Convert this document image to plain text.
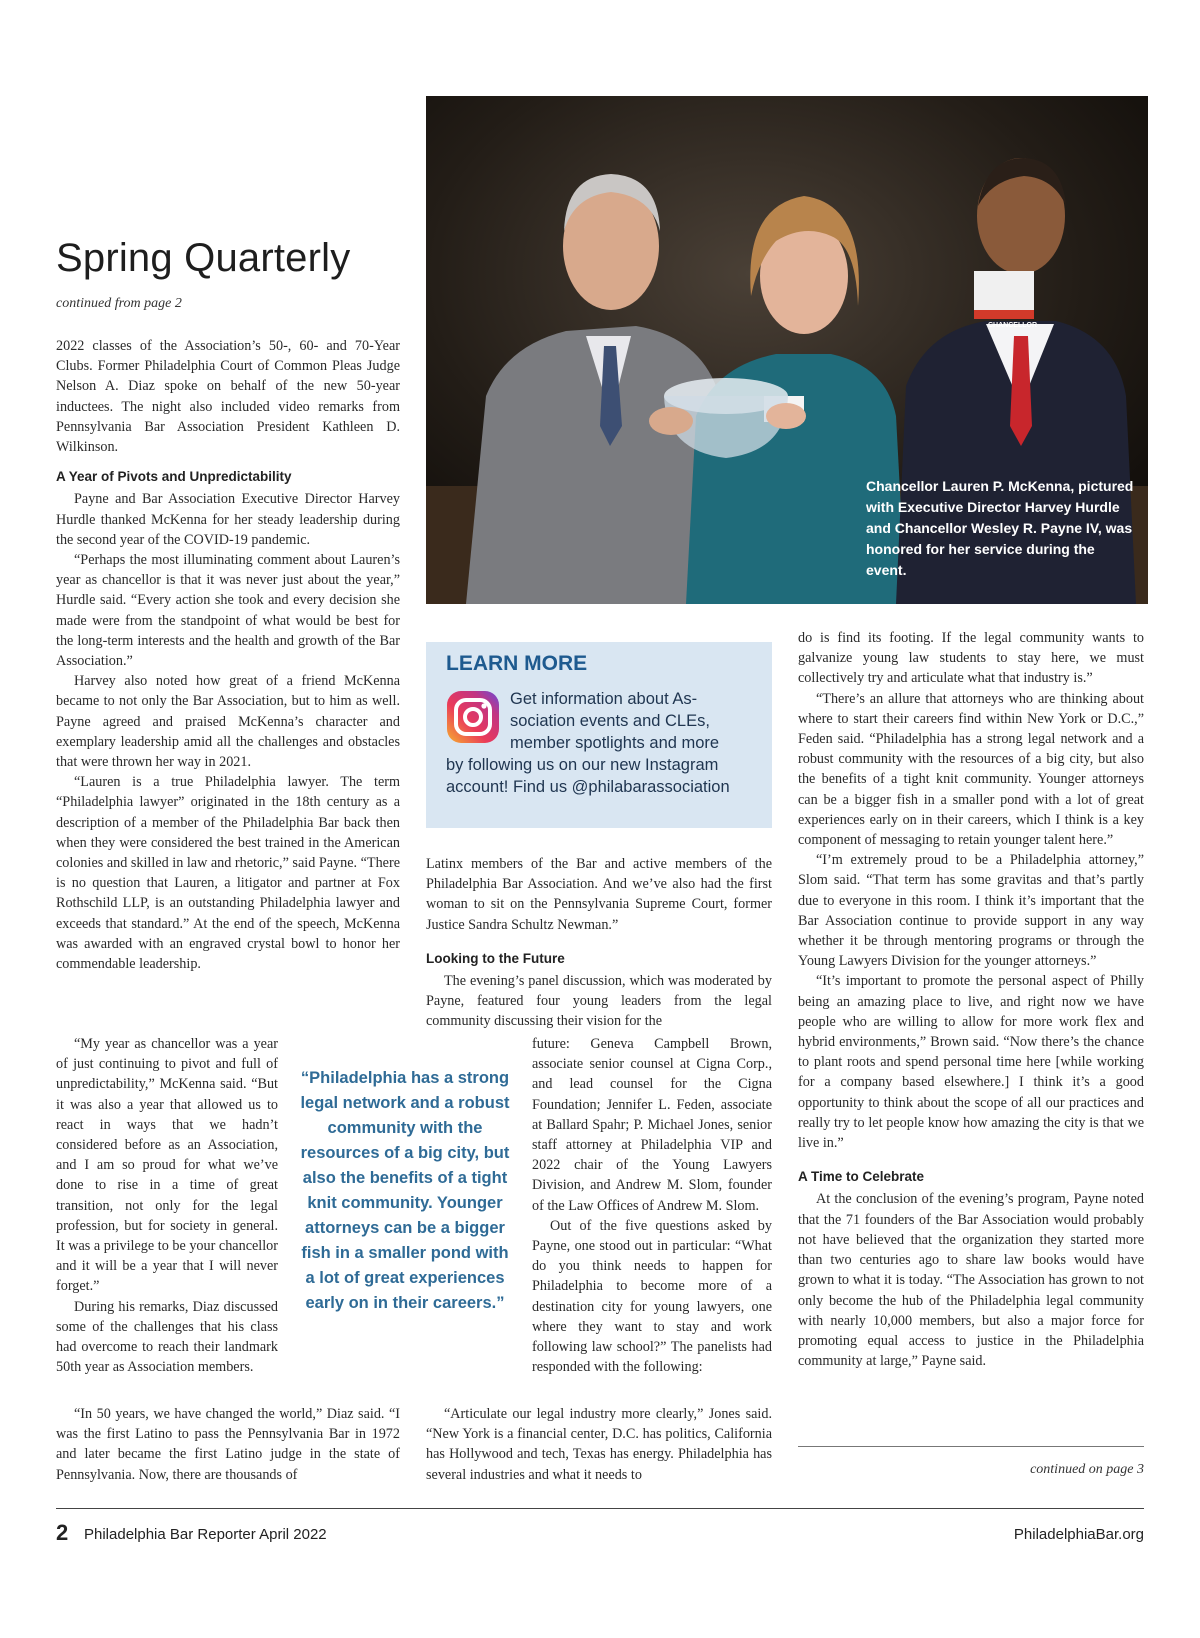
Spring Quarterly
continued from page 2
CHANCELLOR
Chancellor Lauren P. McKenna, pictured with Executive Director Harvey Hurdle and Chancellor Wesley R. Payne IV, was honored for her service during the event.

2022 classes of the Association’s 50-, 60- and 70-Year Clubs. Former Philadelphia Court of Common Pleas Judge Nelson A. Diaz spoke on behalf of the new 50-year inductees. The night also included video remarks from Pennsylvania Bar Association President Kathleen D. Wilkinson.

A Year of Pivots and Unpredictability

Payne and Bar Association Executive Director Harvey Hurdle thanked McKenna for her steady leadership during the second year of the COVID-19 pandemic.

“Perhaps the most illuminating comment about Lauren’s year as chancellor is that it was never just about the year,” Hurdle said. “Every action she took and every decision she made were from the standpoint of what would be best for the long-term interests and the health and growth of the Bar Association.”

Harvey also noted how great of a friend McKenna became to not only the Bar Association, but to him as well. Payne agreed and praised McKenna’s character and exemplary leadership amid all the challenges and obstacles that were thrown her way in 2021.

“Lauren is a true Philadelphia lawyer. The term “Philadelphia lawyer” originated in the 18th century as a description of a member of the Philadelphia Bar back then when they were considered the best trained in the American colonies and skilled in law and rhetoric,” said Payne. “There is no question that Lauren, a litigator and partner at Fox Rothschild LLP, is an outstanding Philadelphia lawyer and exceeds that standard.” At the end of the speech, McKenna was awarded with an engraved crystal bowl to honor her commendable leadership.

“My year as chancellor was a year of just continuing to pivot and full of unpredictability,” McKenna said. “But it was also a year that allowed us to react in ways that we hadn’t considered before as an Association, and I am so proud for what we’ve done to rise in a time of great transition, not only for the legal profession, but for society in general. It was a privilege to be your chancellor and it will be a year that I will never forget.”

During his remarks, Diaz discussed some of the challenges that his class had overcome to reach their landmark 50th year as Association members.

“In 50 years, we have changed the world,” Diaz said. “I was the first Latino to pass the Pennsylvania Bar in 1972 and later became the first Latino judge in the state of Pennsylvania. Now, there are thousands of

LEARN MORE
Get information about As-
sociation events and CLEs,
member spotlights and more
by following us on our new Instagram
account! Find us @philabarassociation

Latinx members of the Bar and active members of the Philadelphia Bar Association. And we’ve also had the first woman to sit on the Pennsylvania Supreme Court, former Justice Sandra Schultz Newman.”

Looking to the Future

The evening’s panel discussion, which was moderated by Payne, featured four young leaders from the legal community discussing their vision for the

future: Geneva Campbell Brown, associate senior counsel at Cigna Corp., and lead counsel for the Cigna Foundation; Jennifer L. Feden, associate at Ballard Spahr; P. Michael Jones, senior staff attorney at Philadelphia VIP and 2022 chair of the Young Lawyers Division, and Andrew M. Slom, founder of the Law Offices of Andrew M. Slom.

Out of the five questions asked by Payne, one stood out in particular: “What do you think needs to happen for Philadelphia to become more of a destination city for young lawyers, one where they want to stay and work following law school?” The panelists had responded with the following:

“Articulate our legal industry more clearly,” Jones said. “New York is a financial center, D.C. has politics, California has Hollywood and tech, Texas has energy. Philadelphia has several industries and what it needs to

“Philadelphia has a strong legal network and a robust community with the resources of a big city, but also the benefits of a tight knit community. Younger attorneys can be a bigger fish in a smaller pond with a lot of great experiences early on in their careers.”

do is find its footing. If the legal community wants to galvanize young law students to stay here, we must collectively try and articulate what that industry is.”

“There’s an allure that attorneys who are thinking about where to start their careers find within New York or D.C.,” Feden said. “Philadelphia has a strong legal network and a robust community with the resources of a big city, but also the benefits of a tight knit community. Younger attorneys can be a bigger fish in a smaller pond with a lot of great experiences early on in their careers, which I think is a key component of messaging to retain younger talent here.”

“I’m extremely proud to be a Philadelphia attorney,” Slom said. “That term has some gravitas and that’s partly due to everyone in this room. I think it’s important that the Bar Association continue to provide support in any way whether it be through mentoring programs or through the Young Lawyers Division for the younger attorneys.”

“It’s important to promote the personal aspect of Philly being an amazing place to live, and right now we have people who are willing to allow for more work flex and hybrid environments,” Brown said. “Now there’s the chance to plant roots and spend personal time here [while working for a company based elsewhere.] I think it’s a good opportunity to think about the scope of all our practices and really try to let people know how amazing the city is that we live in.”

A Time to Celebrate

At the conclusion of the evening’s program, Payne noted that the 71 founders of the Bar Association would probably not have believed that the organization they started more than two centuries ago to share law books would have grown to what it is today. “The Association has grown to not only become the hub of the Philadelphia legal community with nearly 10,000 members, but also a major force for promoting equal access to justice in the Philadelphia community at large,” Payne said.

continued on page 3
2 Philadelphia Bar Reporter April 2022	PhiladelphiaBar.org
